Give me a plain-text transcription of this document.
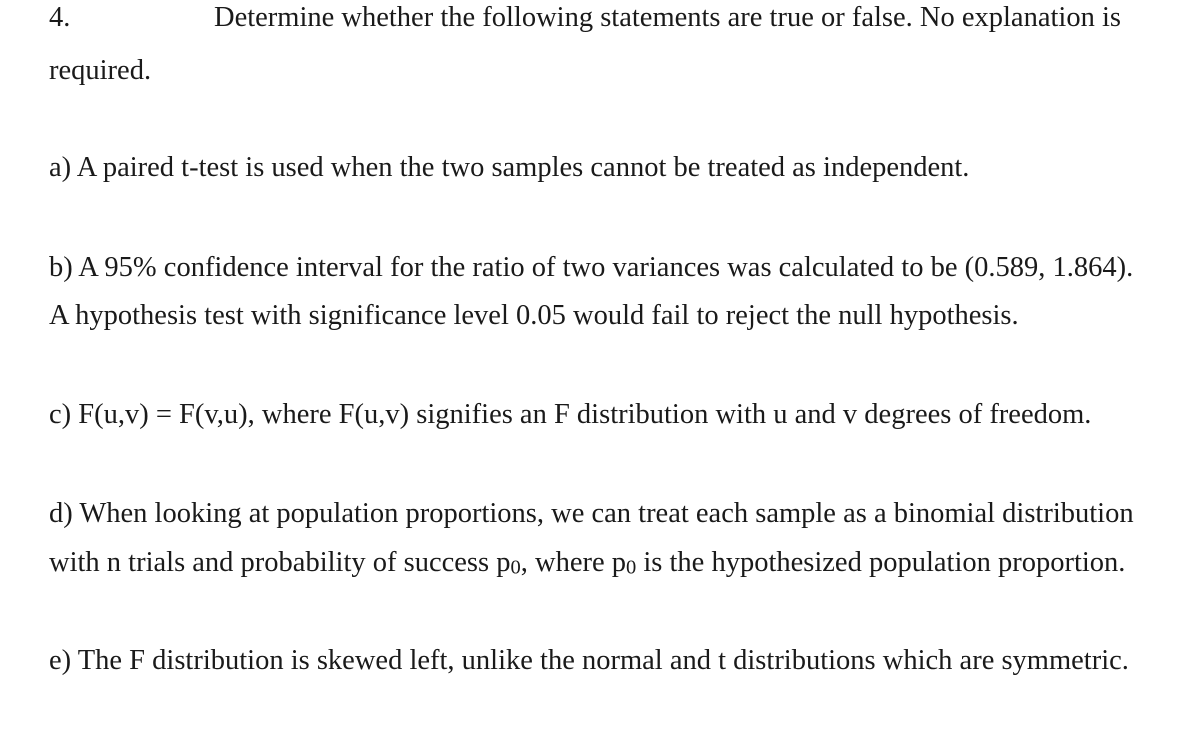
4.	Determine whether the following statements are true or false. No explanation is
required.
a) A paired t-test is used when the two samples cannot be treated as independent.
b) A 95% confidence interval for the ratio of two variances was calculated to be (0.589, 1.864).
A hypothesis test with significance level 0.05 would fail to reject the null hypothesis.
c) F(u,v) = F(v,u), where F(u,v) signifies an F distribution with u and v degrees of freedom.
d) When looking at population proportions, we can treat each sample as a binomial distribution
with n trials and probability of success $p_0$, where $p_0$ is the hypothesized population proportion.
e) The F distribution is skewed left, unlike the normal and t distributions which are symmetric.
